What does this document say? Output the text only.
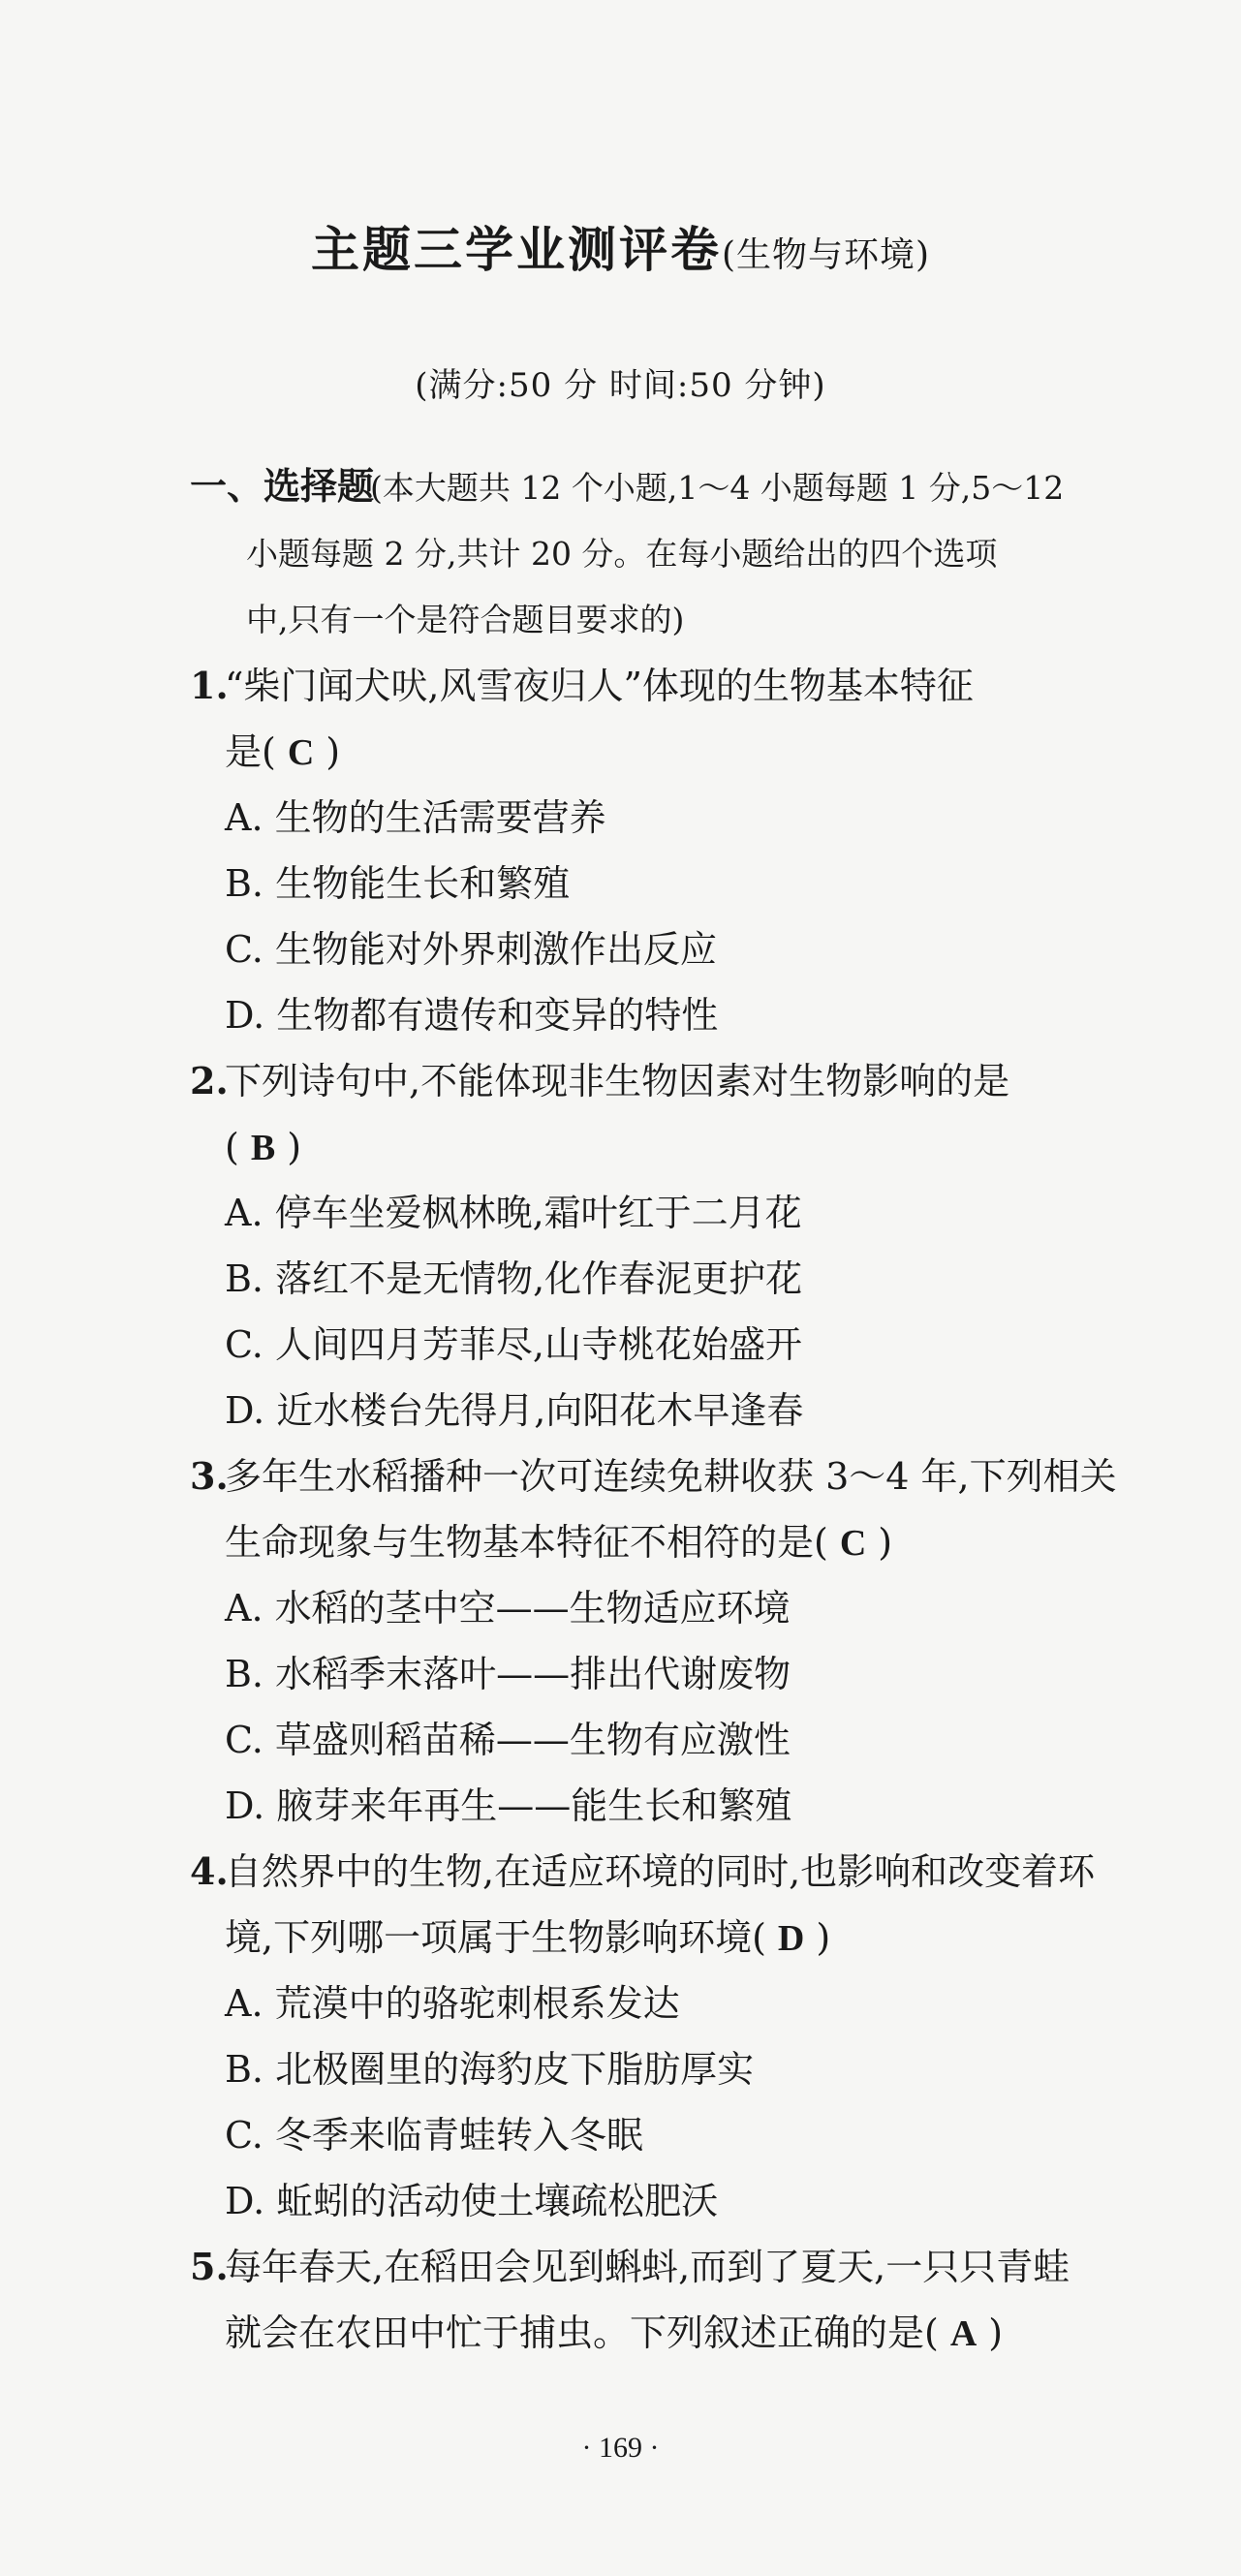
主题三学业测评卷(生物与环境)
(满分:50 分 时间:50 分钟)
一、选择题
(本大题共 12 个小题,1～4 小题每题 1 分,5～12
小题每题 2 分,共计 20 分。在每小题给出的四个选项
中,只有一个是符合题目要求的)
1.
“柴门闻犬吠,风雪夜归人”体现的生物基本特征
是( C )
A. 生物的生活需要营养
B. 生物能生长和繁殖
C. 生物能对外界刺激作出反应
D. 生物都有遗传和变异的特性
2.
下列诗句中,不能体现非生物因素对生物影响的是
( B )
A. 停车坐爱枫林晚,霜叶红于二月花
B. 落红不是无情物,化作春泥更护花
C. 人间四月芳菲尽,山寺桃花始盛开
D. 近水楼台先得月,向阳花木早逢春
3.
多年生水稻播种一次可连续免耕收获 3～4 年,下列相关
生命现象与生物基本特征不相符的是( C )
A. 水稻的茎中空——生物适应环境
B. 水稻季末落叶——排出代谢废物
C. 草盛则稻苗稀——生物有应激性
D. 腋芽来年再生——能生长和繁殖
4.
自然界中的生物,在适应环境的同时,也影响和改变着环
境,下列哪一项属于生物影响环境( D )
A. 荒漠中的骆驼刺根系发达
B. 北极圈里的海豹皮下脂肪厚实
C. 冬季来临青蛙转入冬眠
D. 蚯蚓的活动使土壤疏松肥沃
5.
每年春天,在稻田会见到蝌蚪,而到了夏天,一只只青蛙
就会在农田中忙于捕虫。下列叙述正确的是( A )
· 169 ·
